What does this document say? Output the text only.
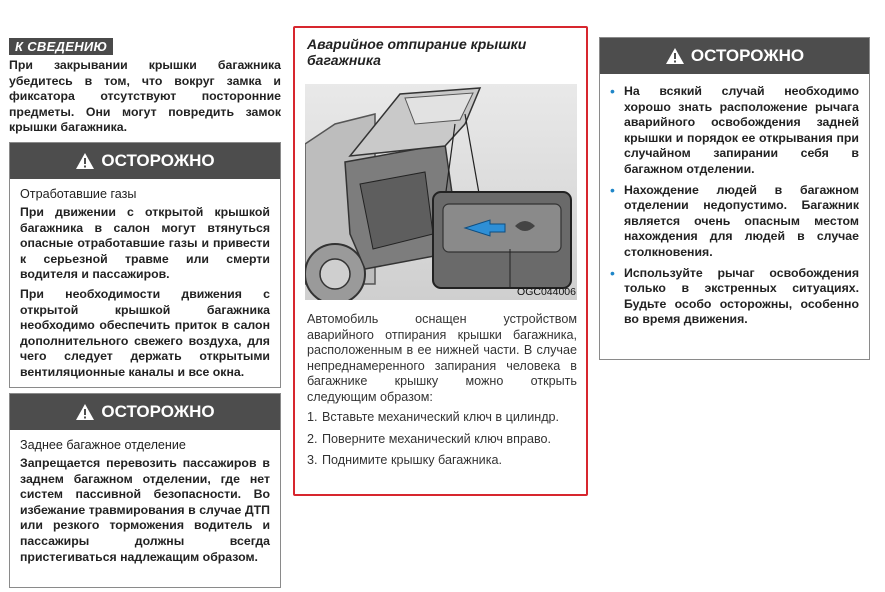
К СВЕДЕНИЮ
При закрывании крышки багажника убедитесь в том, что вокруг замка и фиксатора отсутствуют посторонние предметы. Они могут повредить замок крышки багажника.
ОСТОРОЖНО
Отработавшие газы

При движении с открытой крышкой багажника в салон могут втянуться опасные отработавшие газы и привести к серьезной травме или смерти водителя и пассажиров.

При необходимости движения с открытой крышкой багажника необходимо обеспечить приток в салон дополнительного свежего воздуха, для чего следует держать открытыми вентиляционные каналы и все окна.

ОСТОРОЖНО
Заднее багажное отделение

Запрещается перевозить пассажиров в заднем багажном отделении, где нет систем пассивной безопасности. Во избежание травмирования в случае ДТП или резкого торможения водитель и пассажиры должны всегда пристегиваться надлежащим образом.

Аварийное отпирание крышки багажника
OGC044006
Автомобиль оснащен устройством аварийного отпирания крышки багажника, расположенным в ее нижней части. В случае непреднамеренного запирания человека в багажнике крышку можно открыть следующим образом:
1. Вставьте механический ключ в цилиндр.
2. Поверните механический ключ вправо.
3. Поднимите крышку багажника.
ОСТОРОЖНО
• На всякий случай необходимо хорошо знать расположение рычага аварийного освобождения задней крышки и порядок ее открывания при случайном запирании себя в багажном отделении.
• Нахождение людей в багажном отделении недопустимо. Багажник является очень опасным местом нахождения для людей в случае столкновения.
• Используйте рычаг освобождения только в экстренных ситуациях. Будьте особо осторожны, особенно во время движения.
